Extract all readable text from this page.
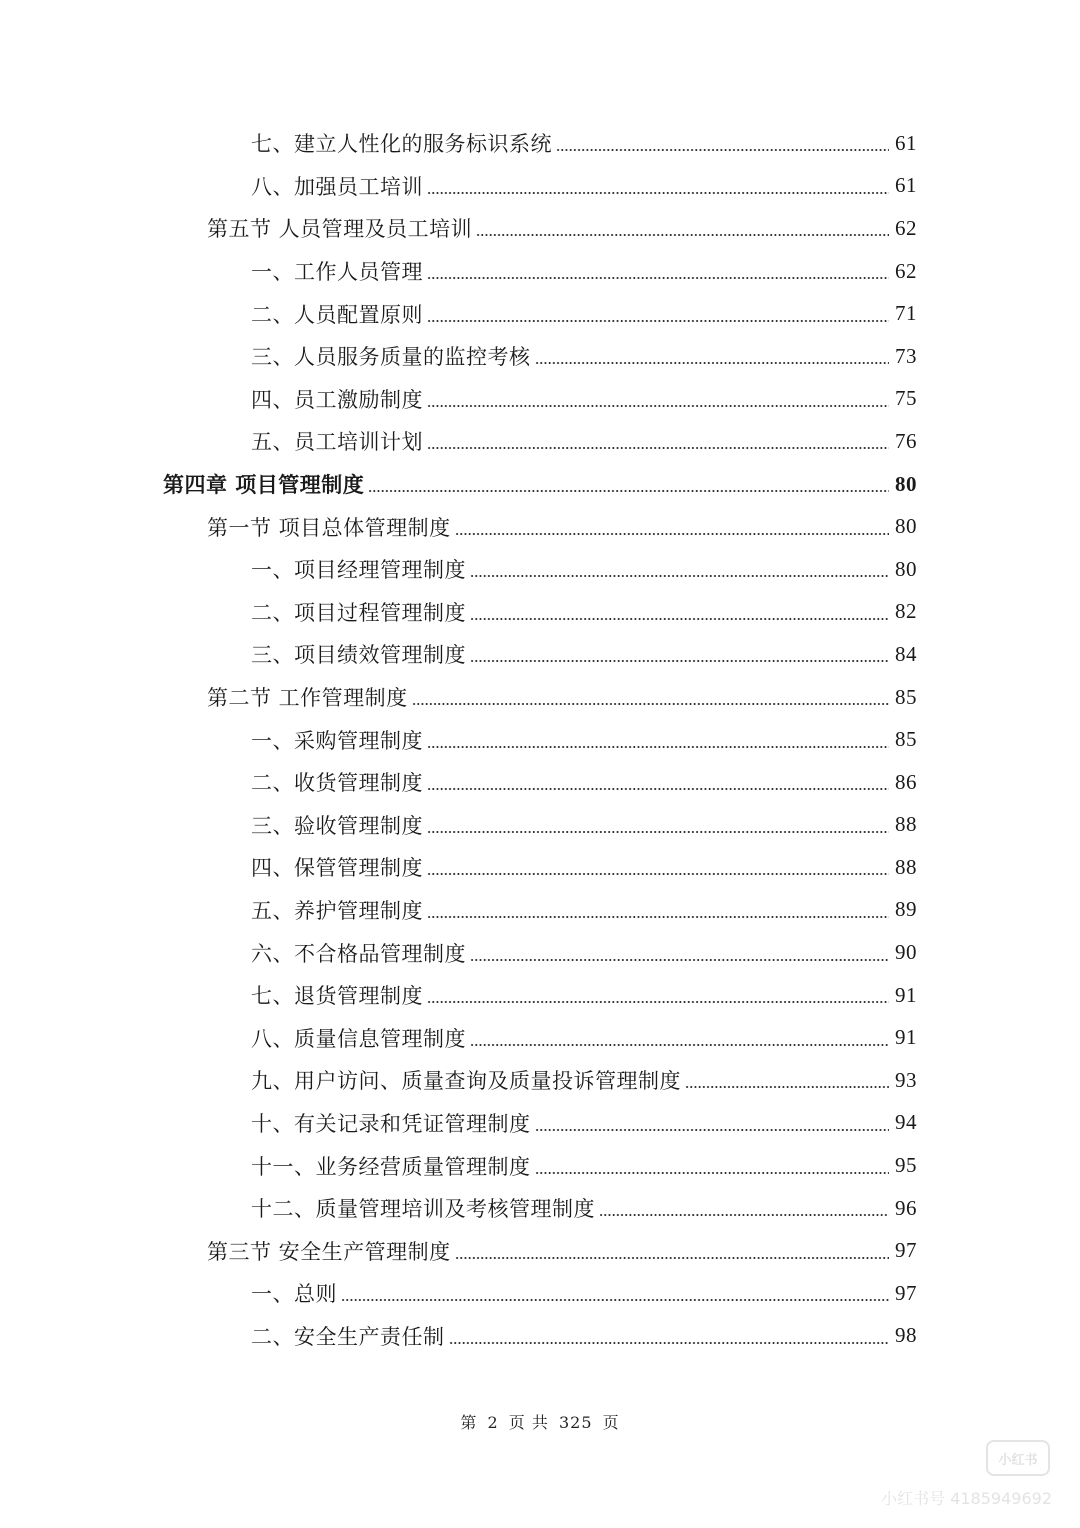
七、建立人性化的服务标识系统	61
八、加强员工培训	61
第五节 人员管理及员工培训	62
一、工作人员管理	62
二、人员配置原则	71
三、人员服务质量的监控考核	73
四、员工激励制度	75
五、员工培训计划	76
第四章 项目管理制度	80
第一节 项目总体管理制度	80
一、项目经理管理制度	80
二、项目过程管理制度	82
三、项目绩效管理制度	84
第二节 工作管理制度	85
一、采购管理制度	85
二、收货管理制度	86
三、验收管理制度	88
四、保管管理制度	88
五、养护管理制度	89
六、不合格品管理制度	90
七、退货管理制度	91
八、质量信息管理制度	91
九、用户访问、质量查询及质量投诉管理制度	93
十、有关记录和凭证管理制度	94
十一、业务经营质量管理制度	95
十二、质量管理培训及考核管理制度	96
第三节 安全生产管理制度	97
一、总则	97
二、安全生产责任制	98
第 2 页 共 325 页
小红书
小红书号 4185949692
